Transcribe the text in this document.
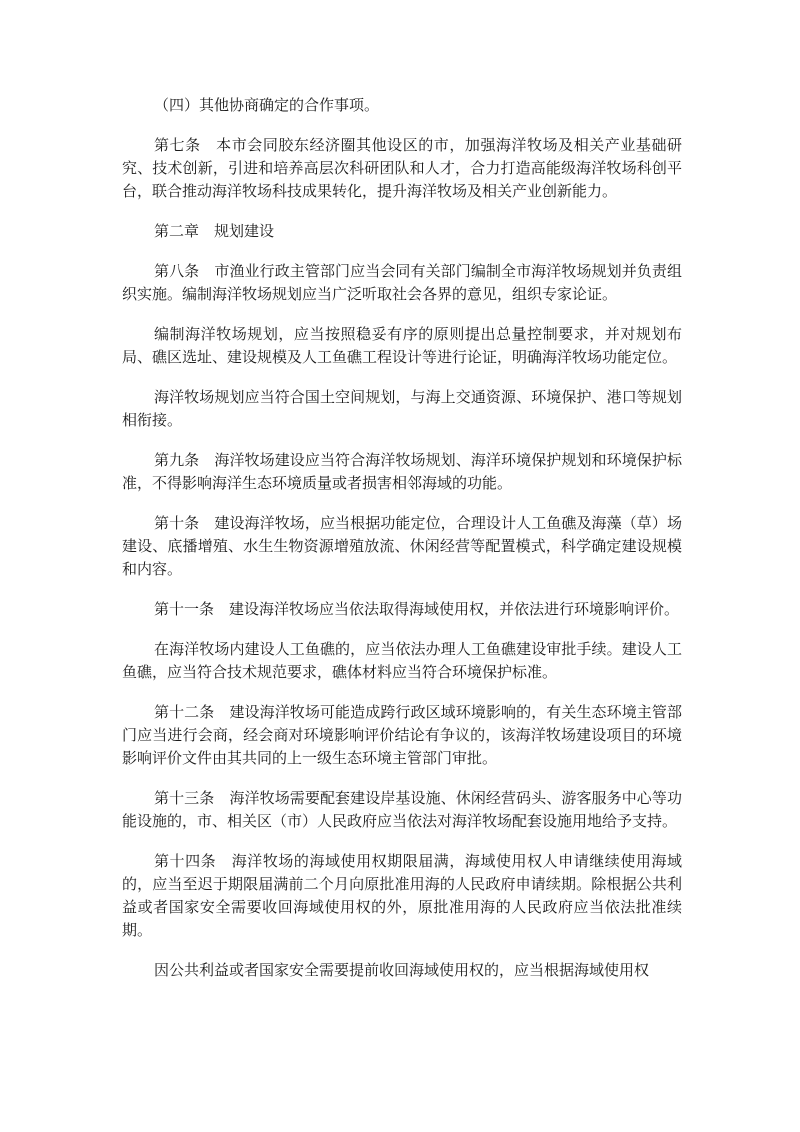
（四）其他协商确定的合作事项。

第七条　本市会同胶东经济圈其他设区的市，加强海洋牧场及相关产业基础研究、技术创新，引进和培养高层次科研团队和人才，合力打造高能级海洋牧场科创平台，联合推动海洋牧场科技成果转化，提升海洋牧场及相关产业创新能力。

第二章　规划建设

第八条　市渔业行政主管部门应当会同有关部门编制全市海洋牧场规划并负责组织实施。编制海洋牧场规划应当广泛听取社会各界的意见，组织专家论证。

编制海洋牧场规划，应当按照稳妥有序的原则提出总量控制要求，并对规划布局、礁区选址、建设规模及人工鱼礁工程设计等进行论证，明确海洋牧场功能定位。

海洋牧场规划应当符合国土空间规划，与海上交通资源、环境保护、港口等规划相衔接。

第九条　海洋牧场建设应当符合海洋牧场规划、海洋环境保护规划和环境保护标准，不得影响海洋生态环境质量或者损害相邻海域的功能。

第十条　建设海洋牧场，应当根据功能定位，合理设计人工鱼礁及海藻（草）场建设、底播增殖、水生生物资源增殖放流、休闲经营等配置模式，科学确定建设规模和内容。

第十一条　建设海洋牧场应当依法取得海域使用权，并依法进行环境影响评价。

在海洋牧场内建设人工鱼礁的，应当依法办理人工鱼礁建设审批手续。建设人工鱼礁，应当符合技术规范要求，礁体材料应当符合环境保护标准。

第十二条　建设海洋牧场可能造成跨行政区域环境影响的，有关生态环境主管部门应当进行会商，经会商对环境影响评价结论有争议的，该海洋牧场建设项目的环境影响评价文件由其共同的上一级生态环境主管部门审批。

第十三条　海洋牧场需要配套建设岸基设施、休闲经营码头、游客服务中心等功能设施的，市、相关区（市）人民政府应当依法对海洋牧场配套设施用地给予支持。

第十四条　海洋牧场的海域使用权期限届满，海域使用权人申请继续使用海域的，应当至迟于期限届满前二个月向原批准用海的人民政府申请续期。除根据公共利益或者国家安全需要收回海域使用权的外，原批准用海的人民政府应当依法批准续期。

因公共利益或者国家安全需要提前收回海域使用权的，应当根据海域使用权
